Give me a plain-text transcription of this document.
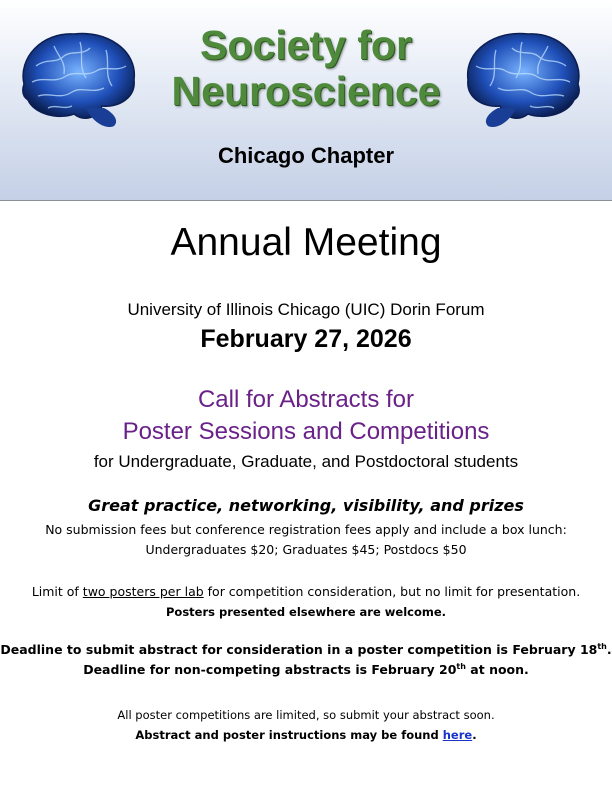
Society for
Neuroscience
Chicago Chapter
Annual Meeting
University of Illinois Chicago (UIC) Dorin Forum
February 27, 2026
Call for Abstracts for
Poster Sessions and Competitions
for Undergraduate, Graduate, and Postdoctoral students
Great practice, networking, visibility, and prizes
No submission fees but conference registration fees apply and include a box lunch:
Undergraduates $20; Graduates $45; Postdocs $50
Limit of two posters per lab for competition consideration, but no limit for presentation.
Posters presented elsewhere are welcome.
Deadline to submit abstract for consideration in a poster competition is February 18th.
Deadline for non-competing abstracts is February 20th at noon.
All poster competitions are limited, so submit your abstract soon.
Abstract and poster instructions may be found here.
